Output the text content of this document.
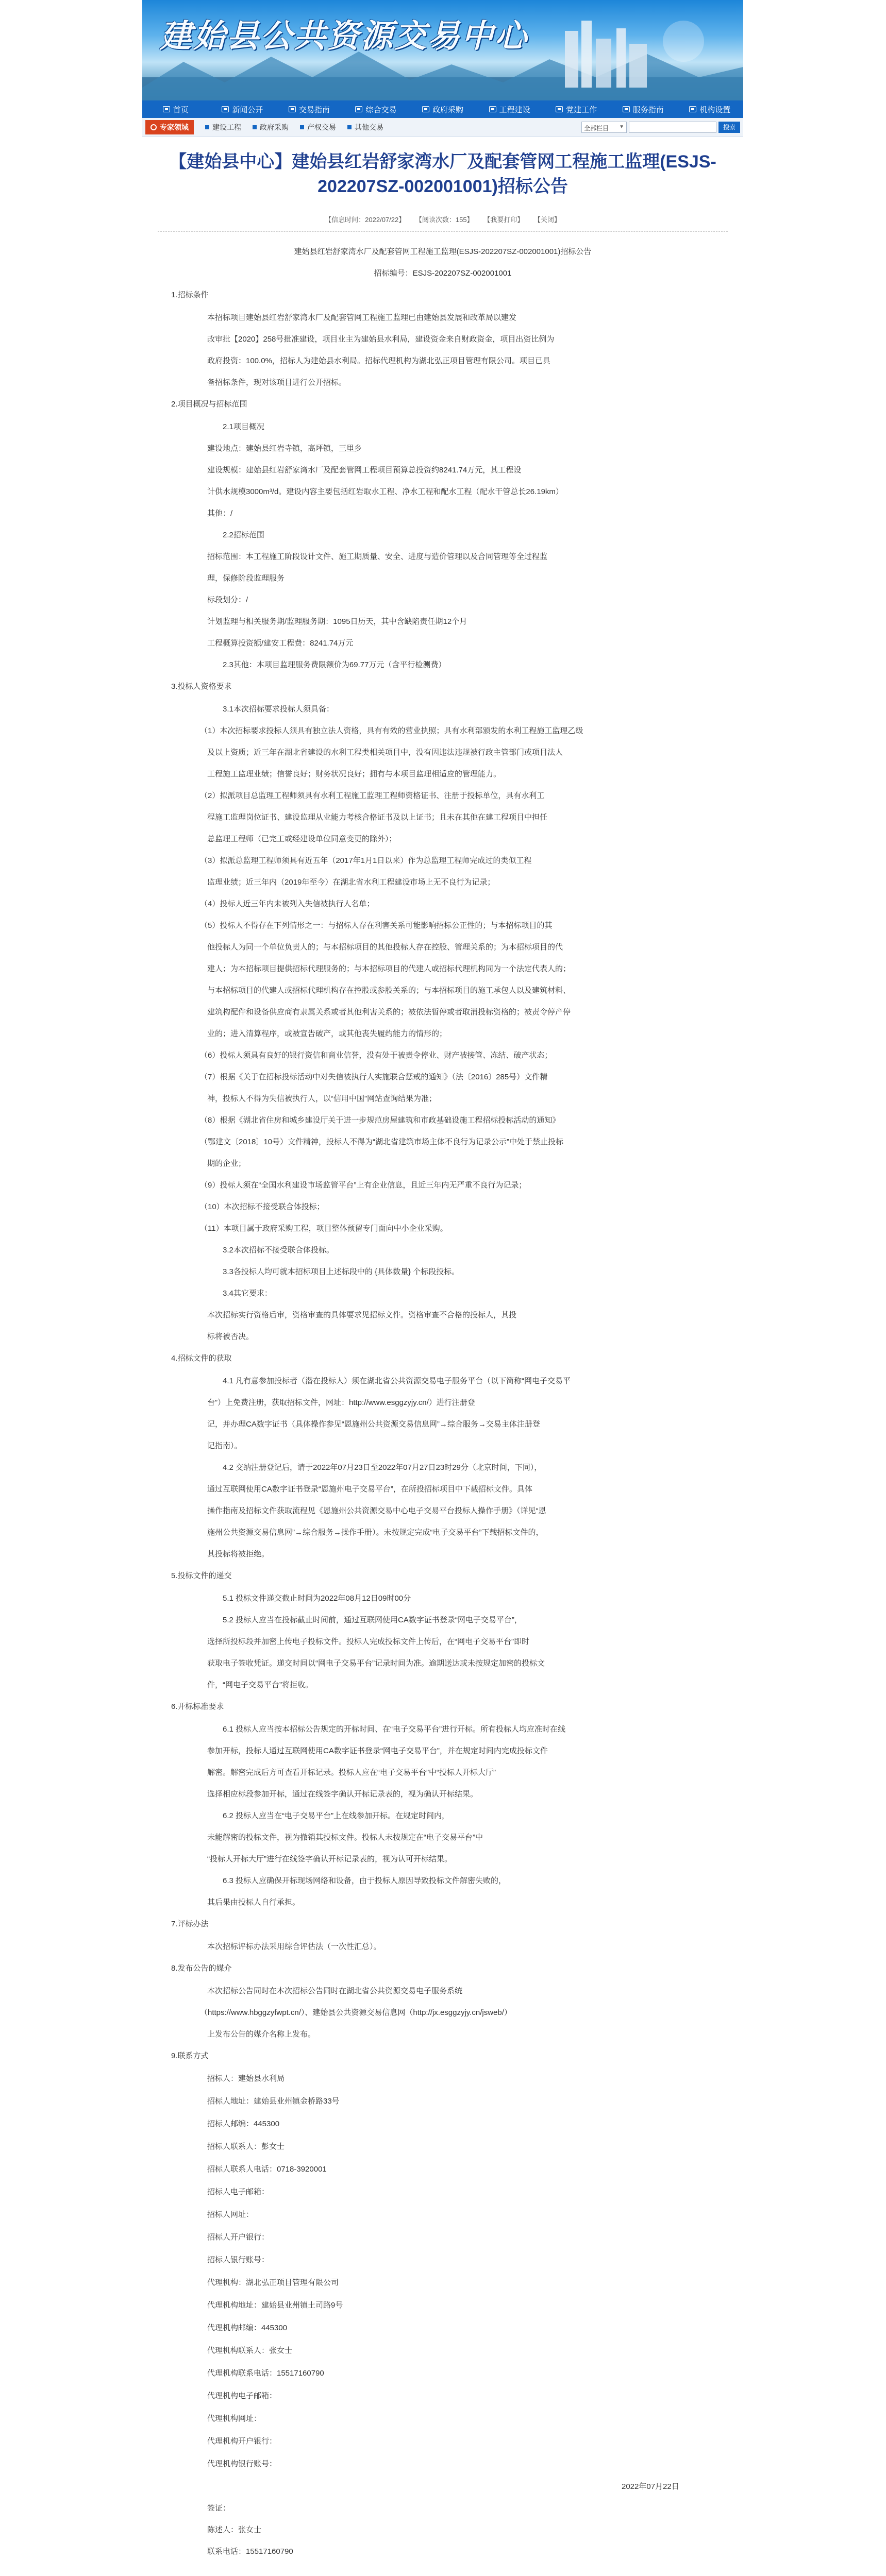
建始县公共资源交易中心
首页	新闻公开	交易指南	综合交易	政府采购	工程建设	党建工作	服务指南	机构设置
专家领域	建设工程	政府采购	产权交易	其他交易	全部栏目 ▼	搜索
【建始县中心】建始县红岩舒家湾水厂及配套管网工程施工监理(ESJS-
202207SZ-002001001)招标公告
【信息时间：2022/07/22】 【阅读次数：155】 【我要打印】 【关闭】
建始县红岩舒家湾水厂及配套管网工程施工监理(ESJS-202207SZ-002001001)招标公告
招标编号：ESJS-202207SZ-002001001
1.招标条件
本招标项目建始县红岩舒家湾水厂及配套管网工程施工监理已由建始县发展和改革局以建发
改审批【2020】258号批准建设，项目业主为建始县水利局，建设资金来自财政资金，项目出资比例为
政府投资：100.0%，招标人为建始县水利局。招标代理机构为湖北弘正项目管理有限公司。项目已具
备招标条件，现对该项目进行公开招标。
2.项目概况与招标范围
2.1项目概况
建设地点：建始县红岩寺镇，高坪镇，三里乡
建设规模：建始县红岩舒家湾水厂及配套管网工程项目预算总投资约8241.74万元，其工程设
计供水规模3000m³/d。建设内容主要包括红岩取水工程、净水工程和配水工程（配水干管总长26.19km）
其他：/
2.2招标范围
招标范围：本工程施工阶段设计文件、施工期质量、安全、进度与造价管理以及合同管理等全过程监
理，保修阶段监理服务
标段划分：/
计划监理与相关服务期/监理服务期：1095日历天，其中含缺陷责任期12个月
工程概算投资额/建安工程费：8241.74万元
2.3其他：本项目监理服务费限额价为69.77万元（含平行检测费）
3.投标人资格要求
3.1本次招标要求投标人须具备：
（1）本次招标要求投标人须具有独立法人资格，具有有效的营业执照；具有水利部颁发的水利工程施工监理乙级
及以上资质；近三年在湖北省建设的水利工程类相关项目中，没有因违法违规被行政主管部门或项目法人
工程施工监理业绩；信誉良好；财务状况良好；拥有与本项目监理相适应的管理能力。
（2）拟派项目总监理工程师须具有水利工程施工监理工程师资格证书、注册于投标单位，具有水利工
程施工监理岗位证书、建设监理从业能力考核合格证书及以上证书；且未在其他在建工程项目中担任
总监理工程师（已完工或经建设单位同意变更的除外）；
（3）拟派总监理工程师须具有近五年（2017年1月1日以来）作为总监理工程师完成过的类似工程
监理业绩；近三年内（2019年至今）在湖北省水利工程建设市场上无不良行为记录；
（4）投标人近三年内未被列入失信被执行人名单；
（5）投标人不得存在下列情形之一：与招标人存在利害关系可能影响招标公正性的；与本招标项目的其
他投标人为同一个单位负责人的；与本招标项目的其他投标人存在控股、管理关系的；为本招标项目的代
建人；为本招标项目提供招标代理服务的；与本招标项目的代建人或招标代理机构同为一个法定代表人的；
与本招标项目的代建人或招标代理机构存在控股或参股关系的；与本招标项目的施工承包人以及建筑材料、
建筑构配件和设备供应商有隶属关系或者其他利害关系的；被依法暂停或者取消投标资格的；被责令停产停
业的；进入清算程序，或被宣告破产，或其他丧失履约能力的情形的；
（6）投标人须具有良好的银行资信和商业信誉，没有处于被责令停业、财产被接管、冻结、破产状态；
（7）根据《关于在招标投标活动中对失信被执行人实施联合惩戒的通知》（法〔2016〕285号）文件精
神，投标人不得为失信被执行人，以“信用中国”网站查询结果为准；
（8）根据《湖北省住房和城乡建设厅关于进一步规范房屋建筑和市政基础设施工程招标投标活动的通知》
（鄂建文〔2018〕10号）文件精神，投标人不得为“湖北省建筑市场主体不良行为记录公示”中处于禁止投标
期的企业；
（9）投标人须在“全国水利建设市场监管平台”上有企业信息，且近三年内无严重不良行为记录；
（10）本次招标不接受联合体投标；
（11）本项目属于政府采购工程，项目整体预留专门面向中小企业采购。
3.2本次招标不接受联合体投标。
3.3各投标人均可就本招标项目上述标段中的 {具体数量} 个标段投标。
3.4其它要求：
本次招标实行资格后审，资格审查的具体要求见招标文件。资格审查不合格的投标人，其投
标将被否决。
4.招标文件的获取
4.1 凡有意参加投标者（潜在投标人）须在湖北省公共资源交易电子服务平台（以下简称“网电子交易平
台”）上免费注册，获取招标文件，网址：http://www.esggzyjy.cn/）进行注册登
记，并办理CA数字证书（具体操作参见“恩施州公共资源交易信息网”→综合服务→交易主体注册登
记指南）。
4.2 交纳注册登记后，请于2022年07月23日至2022年07月27日23时29分（北京时间，下同），
通过互联网使用CA数字证书登录“恩施州电子交易平台”，在所投招标项目中下载招标文件。具体
操作指南及招标文件获取流程见《恩施州公共资源交易中心电子交易平台投标人操作手册》（详见“恩
施州公共资源交易信息网”→综合服务→操作手册）。未按规定完成“电子交易平台”下载招标文件的，
其投标将被拒绝。
5.投标文件的递交
5.1 投标文件递交截止时间为2022年08月12日09时00分
5.2 投标人应当在投标截止时间前，通过互联网使用CA数字证书登录“网电子交易平台”，
选择所投标段并加密上传电子投标文件。投标人完成投标文件上传后，在“网电子交易平台”即时
获取电子签收凭证。递交时间以“网电子交易平台”记录时间为准。逾期送达或未按规定加密的投标文
件，“网电子交易平台”将拒收。
6.开标标准要求
6.1 投标人应当按本招标公告规定的开标时间、在“电子交易平台”进行开标。所有投标人均应准时在线
参加开标，投标人通过互联网使用CA数字证书登录“网电子交易平台”，并在规定时间内完成投标文件
解密。解密完成后方可查看开标记录。投标人应在“电子交易平台”中“投标人开标大厅”
选择相应标段参加开标，通过在线签字确认开标记录表的，视为确认开标结果。
6.2 投标人应当在“电子交易平台”上在线参加开标。在规定时间内，
未能解密的投标文件，视为撤销其投标文件。投标人未按规定在“电子交易平台”中
“投标人开标大厅”进行在线签字确认开标记录表的，视为认可开标结果。
6.3 投标人应确保开标现场网络和设备，由于投标人原因导致投标文件解密失败的，
其后果由投标人自行承担。
7.评标办法
本次招标评标办法采用综合评估法（一次性汇总）。
8.发布公告的媒介
本次招标公告同时在本次招标公告同时在湖北省公共资源交易电子服务系统
（https://www.hbggzyfwpt.cn/）、建始县公共资源交易信息网（http://jx.esggzyjy.cn/jsweb/）
上发布公告的媒介名称上发布。
9.联系方式
招标人：建始县水利局
招标人地址：建始县业州镇金桥路33号
招标人邮编：445300
招标人联系人：彭女士
招标人联系人电话：0718-3920001
招标人电子邮箱：
招标人网址：
招标人开户银行：
招标人银行账号：
代理机构：湖北弘正项目管理有限公司
代理机构地址：建始县业州镇土司路9号
代理机构邮编：445300
代理机构联系人：张女士
代理机构联系电话：15517160790
代理机构电子邮箱：
代理机构网址：
代理机构开户银行：
代理机构银行账号：
2022年07月22日
签证：
陈述人：张女士
联系电话：15517160790
